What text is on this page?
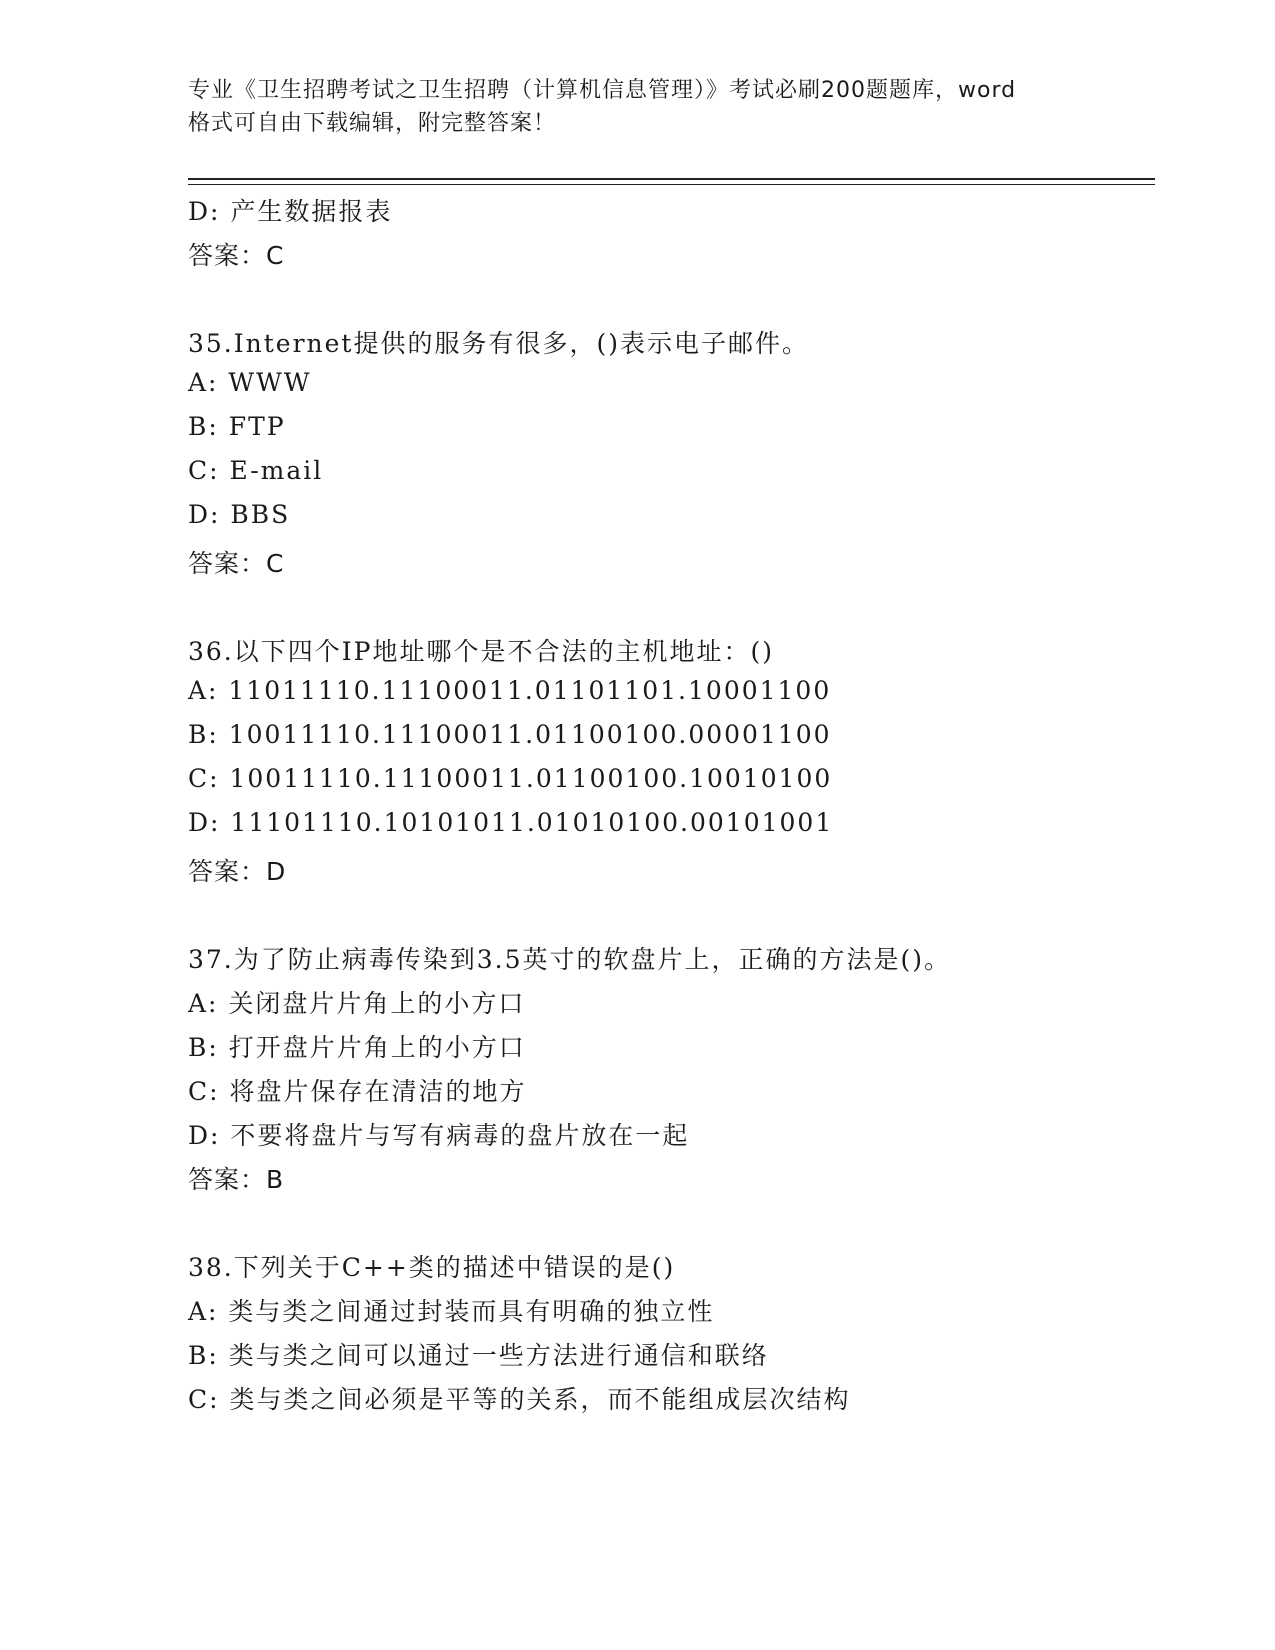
专业《卫生招聘考试之卫生招聘（计算机信息管理）》考试必刷200题题库，word
格式可自由下载编辑，附完整答案！
D: 产生数据报表
答案：C
35.Internet提供的服务有很多，()表示电子邮件。
A: WWW
B: FTP
C: E-mail
D: BBS
答案：C
36.以下四个IP地址哪个是不合法的主机地址：()
A: 11011110.11100011.01101101.10001100
B: 10011110.11100011.01100100.00001100
C: 10011110.11100011.01100100.10010100
D: 11101110.10101011.01010100.00101001
答案：D
37.为了防止病毒传染到3.5英寸的软盘片上，正确的方法是()。
A: 关闭盘片片角上的小方口
B: 打开盘片片角上的小方口
C: 将盘片保存在清洁的地方
D: 不要将盘片与写有病毒的盘片放在一起
答案：B
38.下列关于C++类的描述中错误的是()
A: 类与类之间通过封装而具有明确的独立性
B: 类与类之间可以通过一些方法进行通信和联络
C: 类与类之间必须是平等的关系，而不能组成层次结构
